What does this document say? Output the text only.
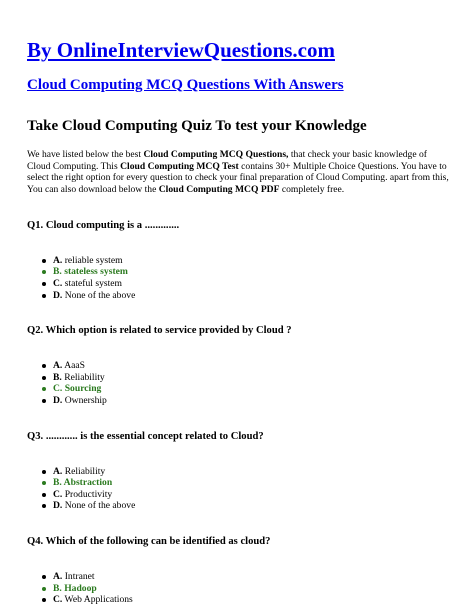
By OnlineInterviewQuestions.com
Cloud Computing MCQ Questions With Answers
Take Cloud Computing Quiz To test your Knowledge

We have listed below the best Cloud Computing MCQ Questions, that check your basic knowledge of Cloud Computing. This Cloud Computing MCQ Test contains 30+ Multiple Choice Questions. You have to select the right option for every question to check your final preparation of Cloud Computing. apart from this, You can also download below the Cloud Computing MCQ PDF completely free.

Q1. Cloud computing is a .............
A. reliable system
B. stateless system
C. stateful system
D. None of the above
Q2. Which option is related to service provided by Cloud ?
A. AaaS
B. Reliability
C. Sourcing
D. Ownership
Q3. ............ is the essential concept related to Cloud?
A. Reliability
B. Abstraction
C. Productivity
D. None of the above
Q4. Which of the following can be identified as cloud?
A. Intranet
B. Hadoop
C. Web Applications
